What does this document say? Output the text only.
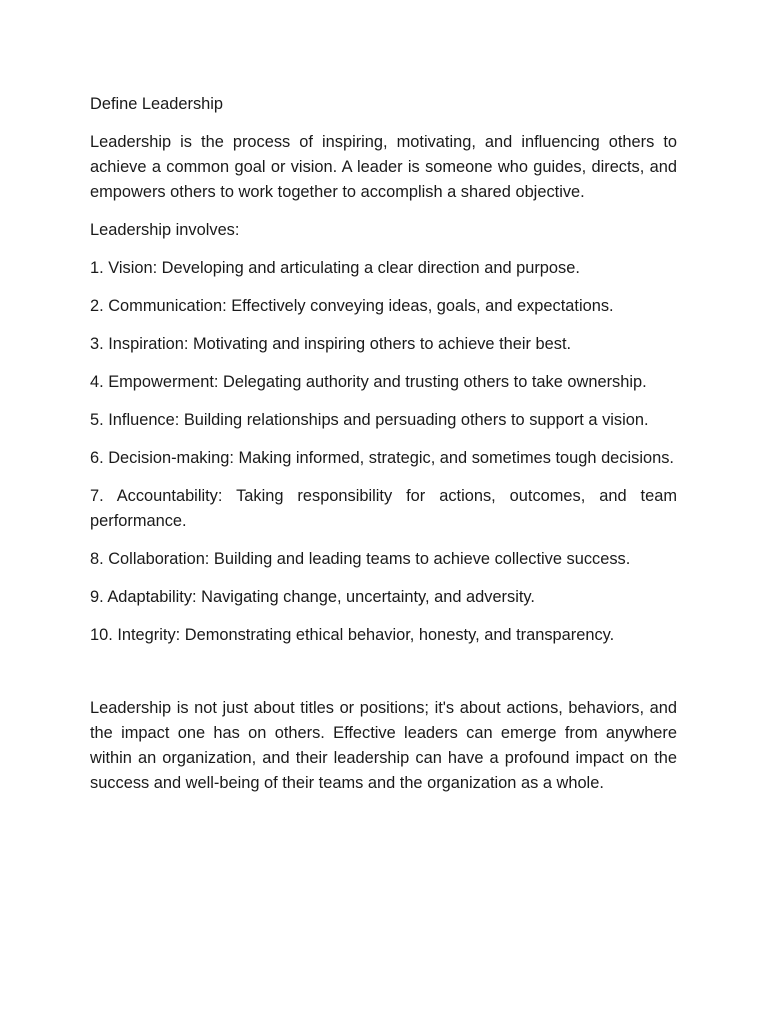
Define Leadership

Leadership is the process of inspiring, motivating, and influencing others to achieve a common goal or vision. A leader is someone who guides, directs, and empowers others to work together to accomplish a shared objective.

Leadership involves:

1. Vision: Developing and articulating a clear direction and purpose.

2. Communication: Effectively conveying ideas, goals, and expectations.

3. Inspiration: Motivating and inspiring others to achieve their best.

4. Empowerment: Delegating authority and trusting others to take ownership.

5. Influence: Building relationships and persuading others to support a vision.

6. Decision-making: Making informed, strategic, and sometimes tough decisions.

7. Accountability: Taking responsibility for actions, outcomes, and team performance.

8. Collaboration: Building and leading teams to achieve collective success.

9. Adaptability: Navigating change, uncertainty, and adversity.

10. Integrity: Demonstrating ethical behavior, honesty, and transparency.

Leadership is not just about titles or positions; it's about actions, behaviors, and the impact one has on others. Effective leaders can emerge from anywhere within an organization, and their leadership can have a profound impact on the success and well-being of their teams and the organization as a whole.
